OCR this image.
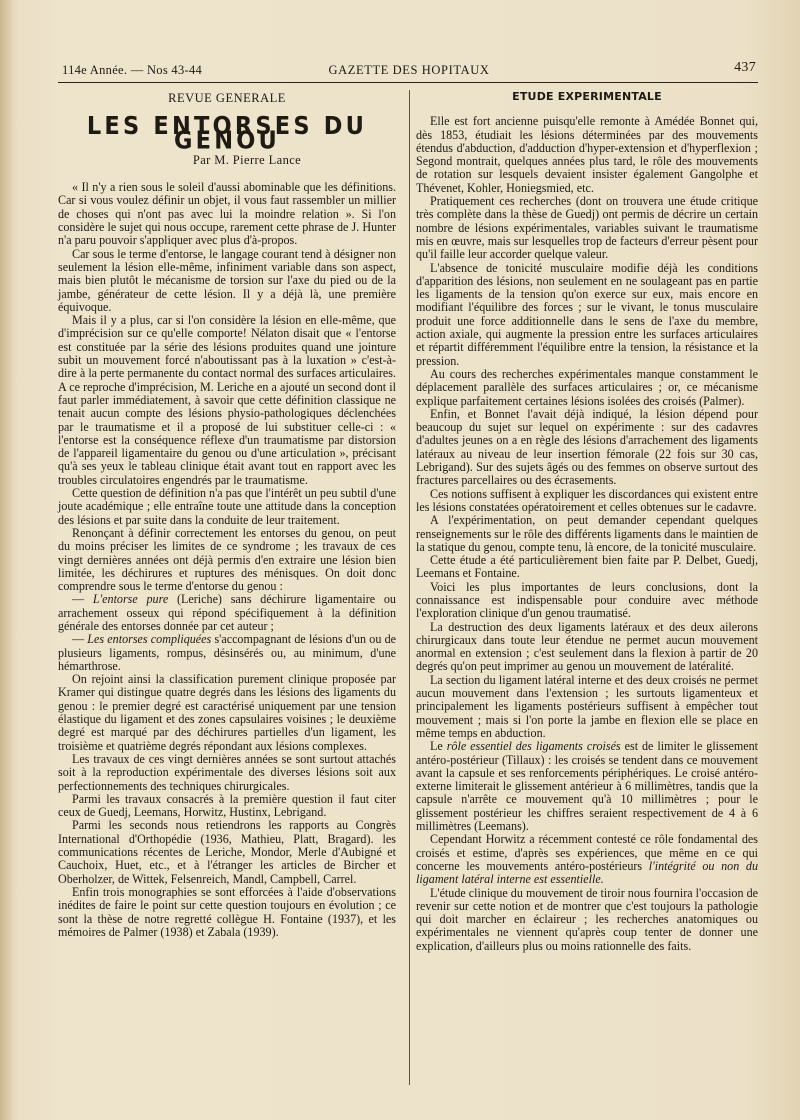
114e Année. — Nos 43-44	GAZETTE DES HOPITAUX	437
REVUE GENERALE
LES ENTORSES DU GENOU
Par M. Pierre Lance

« Il n'y a rien sous le soleil d'aussi abominable que les définitions. Car si vous voulez définir un objet, il vous faut rassembler un millier de choses qui n'ont pas avec lui la moindre relation ». Si l'on considère le sujet qui nous occupe, rarement cette phrase de J. Hunter n'a paru pouvoir s'appliquer avec plus d'à-propos.

Car sous le terme d'entorse, le langage courant tend à désigner non seulement la lésion elle-même, infiniment variable dans son aspect, mais bien plutôt le mécanisme de torsion sur l'axe du pied ou de la jambe, générateur de cette lésion. Il y a déjà là, une première équivoque.

Mais il y a plus, car si l'on considère la lésion en elle-même, que d'imprécision sur ce qu'elle comporte! Nélaton disait que « l'entorse est constituée par la série des lésions produites quand une jointure subit un mouvement forcé n'aboutissant pas à la luxation » c'est-à-dire à la perte permanente du contact normal des surfaces articulaires. A ce reproche d'imprécision, M. Leriche en a ajouté un second dont il faut parler immédiatement, à savoir que cette définition classique ne tenait aucun compte des lésions physio-pathologiques déclenchées par le traumatisme et il a proposé de lui substituer celle-ci : « l'entorse est la conséquence réflexe d'un traumatisme par distorsion de l'appareil ligamentaire du genou ou d'une articulation », précisant qu'à ses yeux le tableau clinique était avant tout en rapport avec les troubles circulatoires engendrés par le traumatisme.

Cette question de définition n'a pas que l'intérêt un peu subtil d'une joute académique ; elle entraîne toute une attitude dans la conception des lésions et par suite dans la conduite de leur traitement.

Renonçant à définir correctement les entorses du genou, on peut du moins préciser les limites de ce syndrome ; les travaux de ces vingt dernières années ont déjà permis d'en extraire une lésion bien limitée, les déchirures et ruptures des ménisques. On doit donc comprendre sous le terme d'entorse du genou :

— L'entorse pure (Leriche) sans déchirure ligamentaire ou arrachement osseux qui répond spécifiquement à la définition générale des entorses donnée par cet auteur ;

— Les entorses compliquées s'accompagnant de lésions d'un ou de plusieurs ligaments, rompus, désinsérés ou, au minimum, d'une hémarthrose.

On rejoint ainsi la classification purement clinique proposée par Kramer qui distingue quatre degrés dans les lésions des ligaments du genou : le premier degré est caractérisé uniquement par une tension élastique du ligament et des zones capsulaires voisines ; le deuxième degré est marqué par des déchirures partielles d'un ligament, les troisième et quatrième degrés répondant aux lésions complexes.

Les travaux de ces vingt dernières années se sont surtout attachés soit à la reproduction expérimentale des diverses lésions soit aux perfectionnements des techniques chirurgicales.

Parmi les travaux consacrés à la première question il faut citer ceux de Guedj, Leemans, Horwitz, Hustinx, Lebrigand.

Parmi les seconds nous retiendrons les rapports au Congrès International d'Orthopédie (1936, Mathieu, Platt, Bragard). les communications récentes de Leriche, Mondor, Merle d'Aubigné et Cauchoix, Huet, etc., et à l'étranger les articles de Bircher et Oberholzer, de Wittek, Felsenreich, Mandl, Campbell, Carrel.

Enfin trois monographies se sont efforcées à l'aide d'observations inédites de faire le point sur cette question toujours en évolution ; ce sont la thèse de notre regretté collègue H. Fontaine (1937), et les mémoires de Palmer (1938) et Zabala (1939).

ETUDE EXPERIMENTALE

Elle est fort ancienne puisqu'elle remonte à Amédée Bonnet qui, dès 1853, étudiait les lésions déterminées par des mouvements étendus d'abduction, d'adduction d'hyper-extension et d'hyperflexion ; Segond montrait, quelques années plus tard, le rôle des mouvements de rotation sur lesquels devaient insister également Gangolphe et Thévenet, Kohler, Honiegsmied, etc.

Pratiquement ces recherches (dont on trouvera une étude critique très complète dans la thèse de Guedj) ont permis de décrire un certain nombre de lésions expérimentales, variables suivant le traumatisme mis en œuvre, mais sur lesquelles trop de facteurs d'erreur pèsent pour qu'il faille leur accorder quelque valeur.

L'absence de tonicité musculaire modifie déjà les conditions d'apparition des lésions, non seulement en ne soulageant pas en partie les ligaments de la tension qu'on exerce sur eux, mais encore en modifiant l'équilibre des forces ; sur le vivant, le tonus musculaire produit une force additionnelle dans le sens de l'axe du membre, action axiale, qui augmente la pression entre les surfaces articulaires et répartit différemment l'équilibre entre la tension, la résistance et la pression.

Au cours des recherches expérimentales manque constamment le déplacement parallèle des surfaces articulaires ; or, ce mécanisme explique parfaitement certaines lésions isolées des croisés (Palmer).

Enfin, et Bonnet l'avait déjà indiqué, la lésion dépend pour beaucoup du sujet sur lequel on expérimente : sur des cadavres d'adultes jeunes on a en règle des lésions d'arrachement des ligaments latéraux au niveau de leur insertion fémorale (22 fois sur 30 cas, Lebrigand). Sur des sujets âgés ou des femmes on observe surtout des fractures parcellaires ou des écrasements.

Ces notions suffisent à expliquer les discordances qui existent entre les lésions constatées opératoirement et celles obtenues sur le cadavre.

A l'expérimentation, on peut demander cependant quelques renseignements sur le rôle des différents ligaments dans le maintien de la statique du genou, compte tenu, là encore, de la tonicité musculaire.

Cette étude a été particulièrement bien faite par P. Delbet, Guedj, Leemans et Fontaine.

Voici les plus importantes de leurs conclusions, dont la connaissance est indispensable pour conduire avec méthode l'exploration clinique d'un genou traumatisé.

La destruction des deux ligaments latéraux et des deux ailerons chirurgicaux dans toute leur étendue ne permet aucun mouvement anormal en extension ; c'est seulement dans la flexion à partir de 20 degrés qu'on peut imprimer au genou un mouvement de latéralité.

La section du ligament latéral interne et des deux croisés ne permet aucun mouvement dans l'extension ; les surtouts ligamenteux et principalement les ligaments postérieurs suffisent à empêcher tout mouvement ; mais si l'on porte la jambe en flexion elle se place en même temps en abduction.

Le rôle essentiel des ligaments croisés est de limiter le glissement antéro-postérieur (Tillaux) : les croisés se tendent dans ce mouvement avant la capsule et ses renforcements périphériques. Le croisé antéro-externe limiterait le glissement antérieur à 6 millimètres, tandis que la capsule n'arrête ce mouvement qu'à 10 millimètres ; pour le glissement postérieur les chiffres seraient respectivement de 4 à 6 millimètres (Leemans).

Cependant Horwitz a récemment contesté ce rôle fondamental des croisés et estime, d'après ses expériences, que même en ce qui concerne les mouvements antéro-postérieurs l'intégrité ou non du ligament latéral interne est essentielle.

L'étude clinique du mouvement de tiroir nous fournira l'occasion de revenir sur cette notion et de montrer que c'est toujours la pathologie qui doit marcher en éclaireur ; les recherches anatomiques ou expérimentales ne viennent qu'après coup tenter de donner une explication, d'ailleurs plus ou moins rationnelle des faits.
